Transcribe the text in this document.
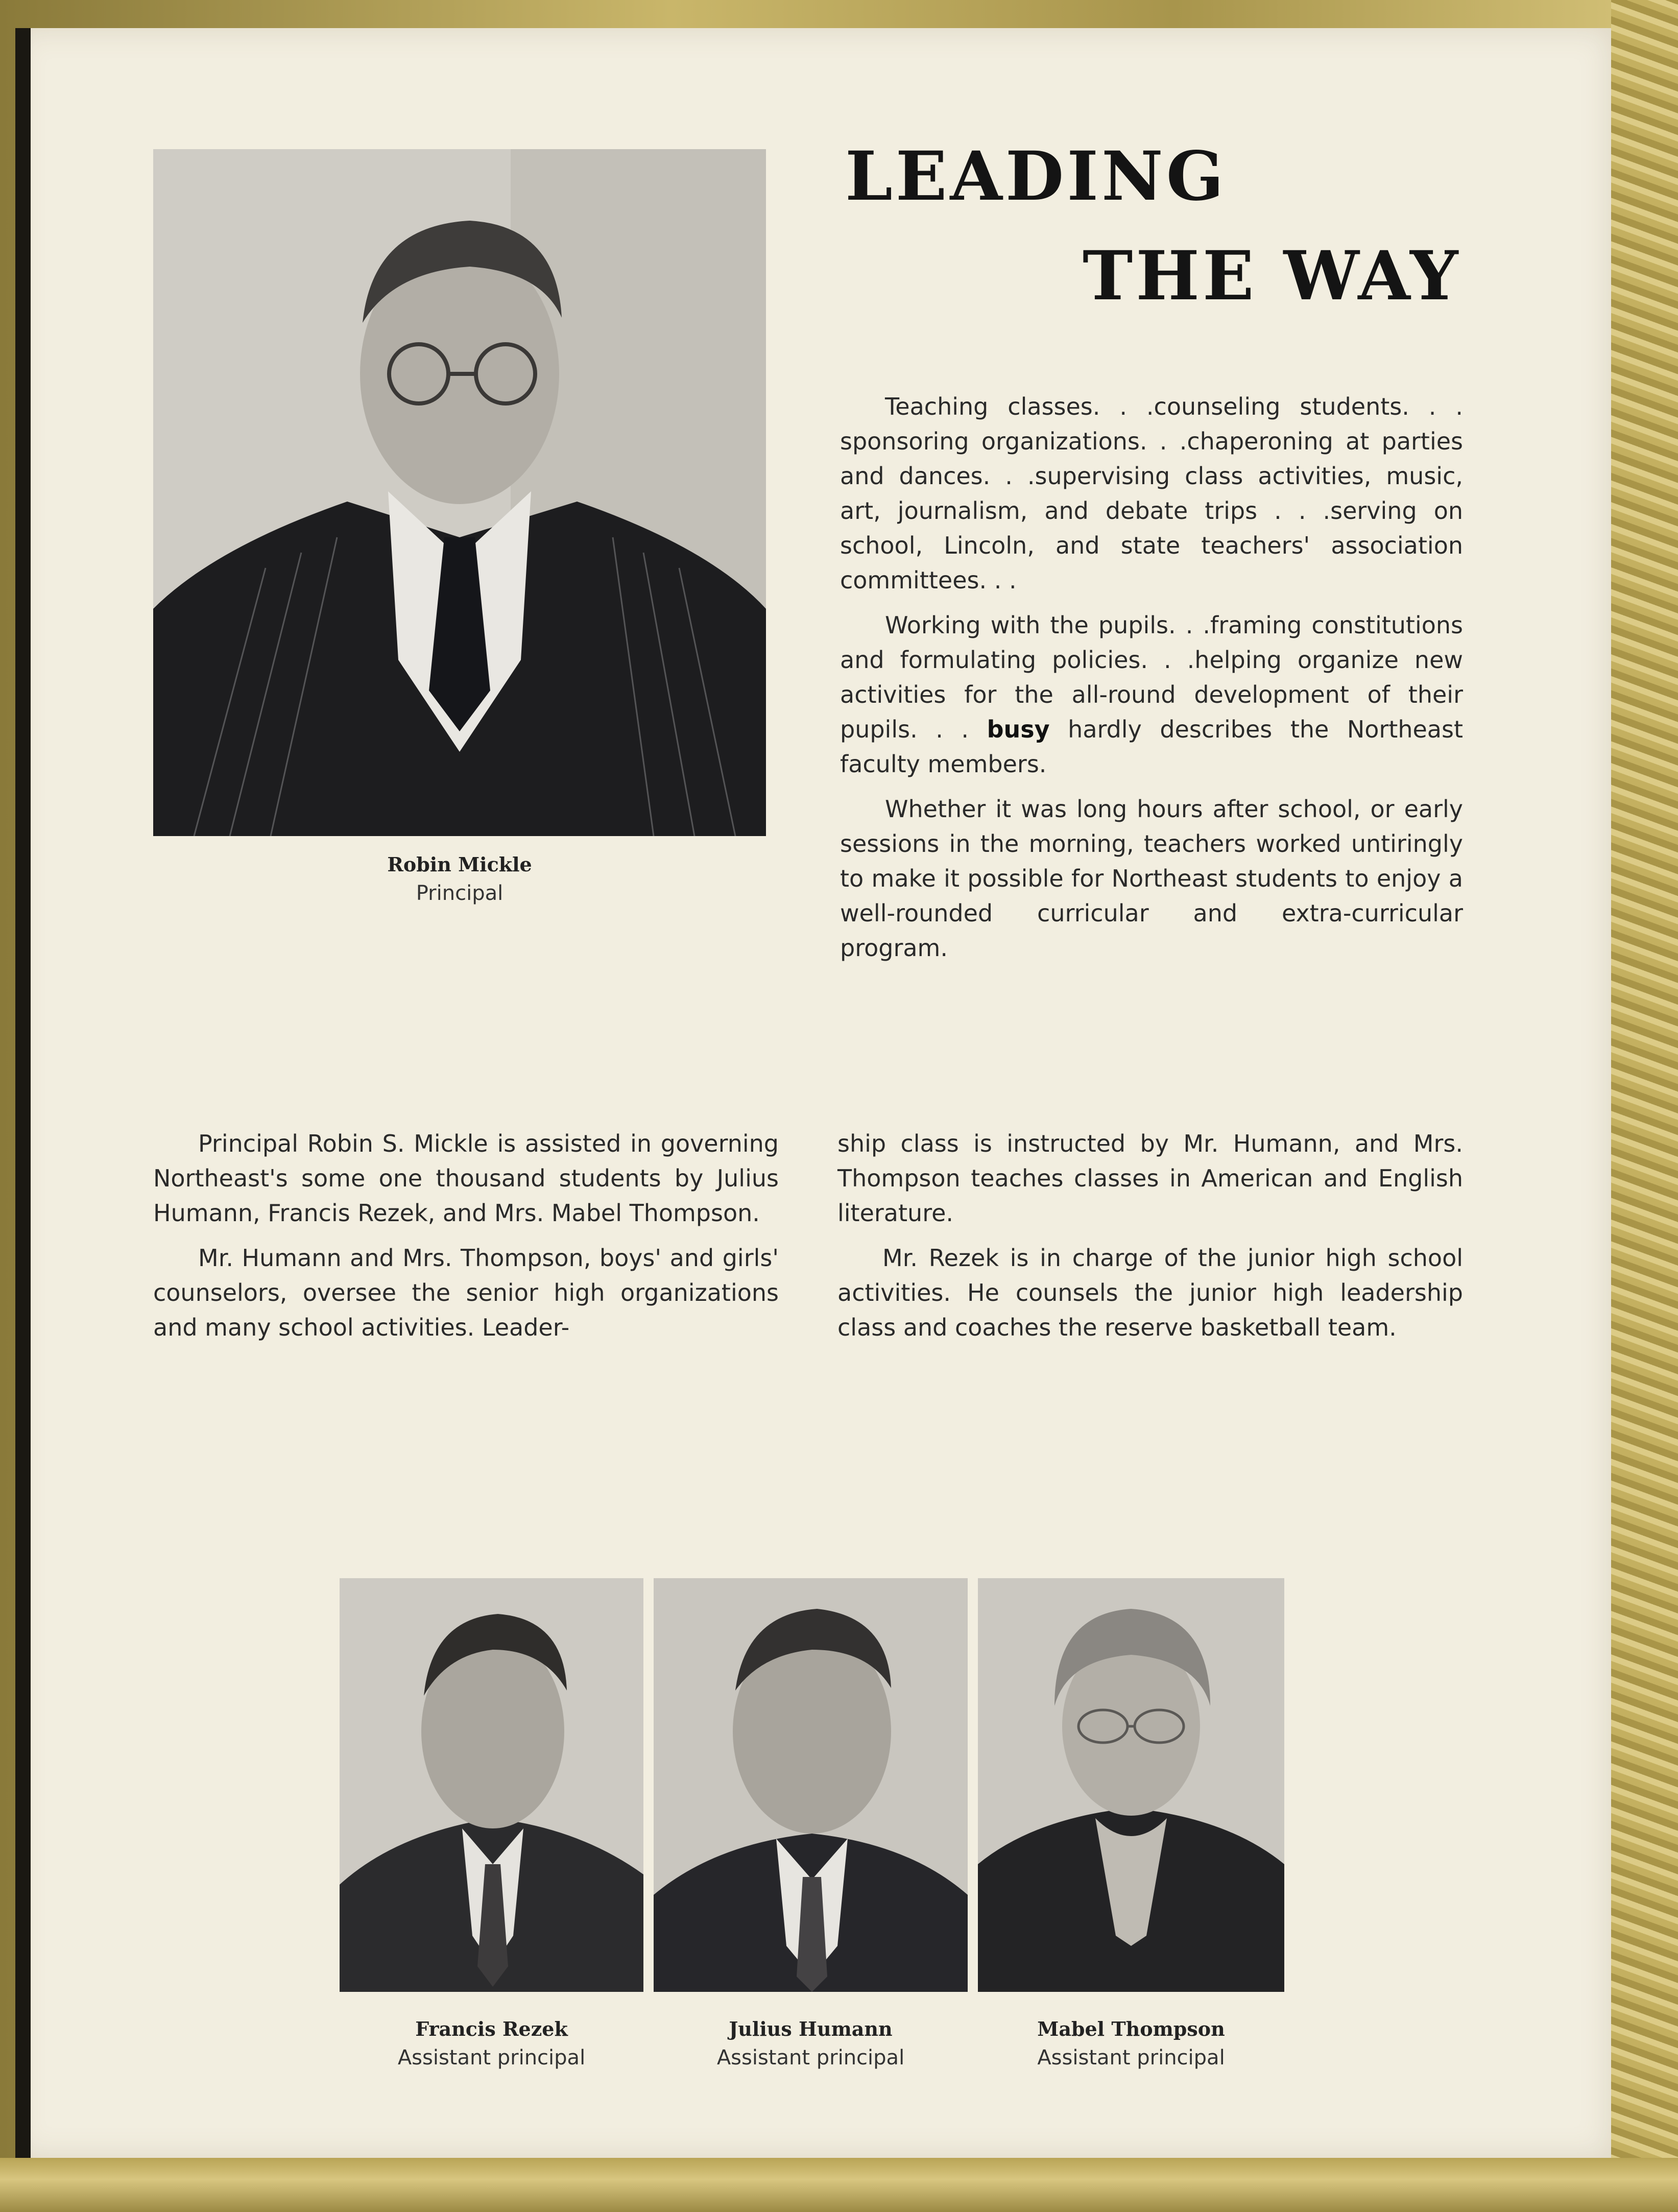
Robin Mickle
Principal
LEADING
THE WAY

Teaching classes. . .counseling students. . . sponsoring organizations. . .chaperoning at parties and dances. . .supervising class activities, music, art, journalism, and debate trips . . .serving on school, Lincoln, and state teachers' association committees. . .

Working with the pupils. . .framing constitutions and formulating policies. . .helping organize new activities for the all-round development of their pupils. . . busy hardly describes the Northeast faculty members.

Whether it was long hours after school, or early sessions in the morning, teachers worked untiringly to make it possible for Northeast students to enjoy a well-rounded curricular and extra-curricular program.

Principal Robin S. Mickle is assisted in governing Northeast's some one thousand students by Julius Humann, Francis Rezek, and Mrs. Mabel Thompson.

Mr. Humann and Mrs. Thompson, boys' and girls' counselors, oversee the senior high organizations and many school activities. Leader-

ship class is instructed by Mr. Humann, and Mrs. Thompson teaches classes in American and English literature.

Mr. Rezek is in charge of the junior high school activities. He counsels the junior high leadership class and coaches the reserve basketball team.

Francis Rezek
Assistant principal
Julius Humann
Assistant principal
Mabel Thompson
Assistant principal
